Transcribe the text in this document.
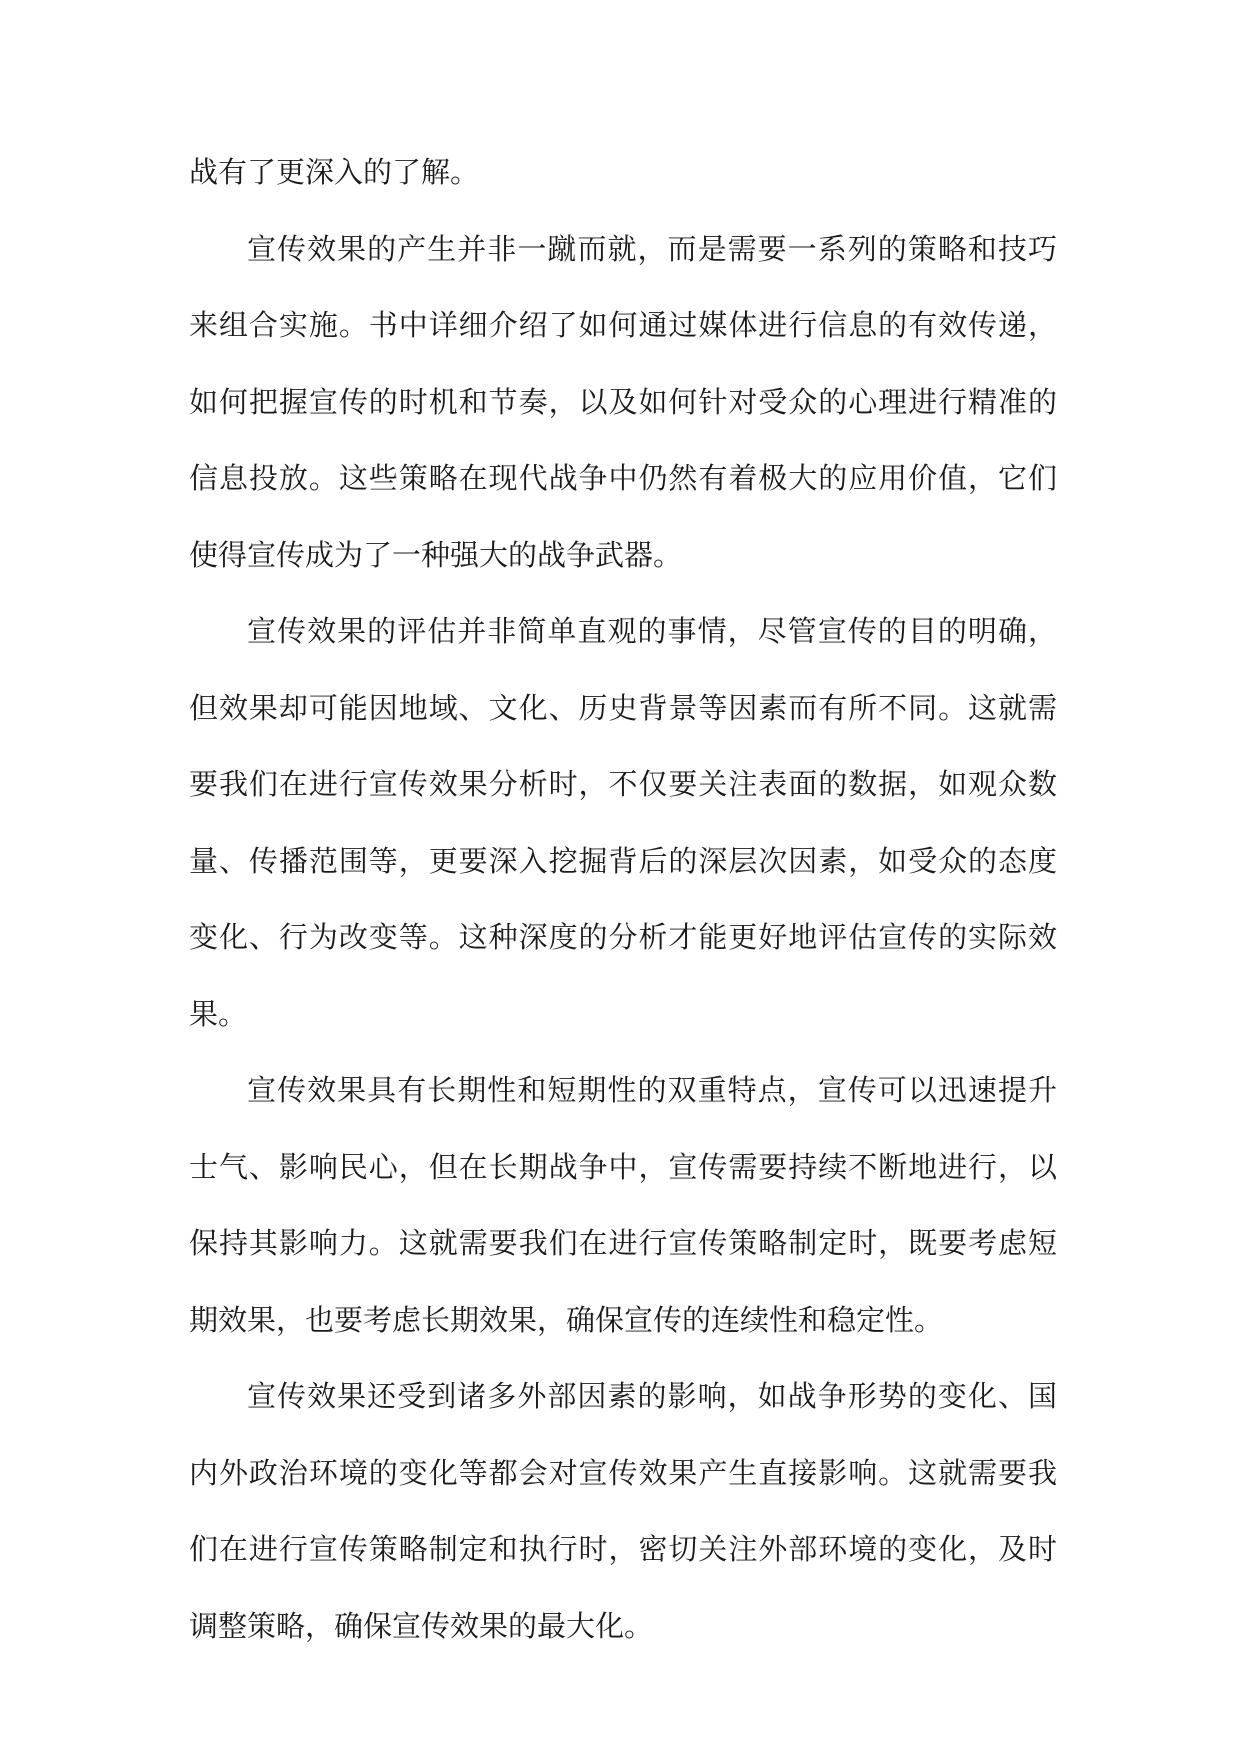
战有了更深入的了解。

宣传效果的产生并非一蹴而就，而是需要一系列的策略和技巧来组合实施。书中详细介绍了如何通过媒体进行信息的有效传递，如何把握宣传的时机和节奏，以及如何针对受众的心理进行精准的信息投放。这些策略在现代战争中仍然有着极大的应用价值，它们使得宣传成为了一种强大的战争武器。

宣传效果的评估并非简单直观的事情，尽管宣传的目的明确，但效果却可能因地域、文化、历史背景等因素而有所不同。这就需要我们在进行宣传效果分析时，不仅要关注表面的数据，如观众数量、传播范围等，更要深入挖掘背后的深层次因素，如受众的态度变化、行为改变等。这种深度的分析才能更好地评估宣传的实际效果。

宣传效果具有长期性和短期性的双重特点，宣传可以迅速提升士气、影响民心，但在长期战争中，宣传需要持续不断地进行，以保持其影响力。这就需要我们在进行宣传策略制定时，既要考虑短期效果，也要考虑长期效果，确保宣传的连续性和稳定性。

宣传效果还受到诸多外部因素的影响，如战争形势的变化、国内外政治环境的变化等都会对宣传效果产生直接影响。这就需要我们在进行宣传策略制定和执行时，密切关注外部环境的变化，及时调整策略，确保宣传效果的最大化。
